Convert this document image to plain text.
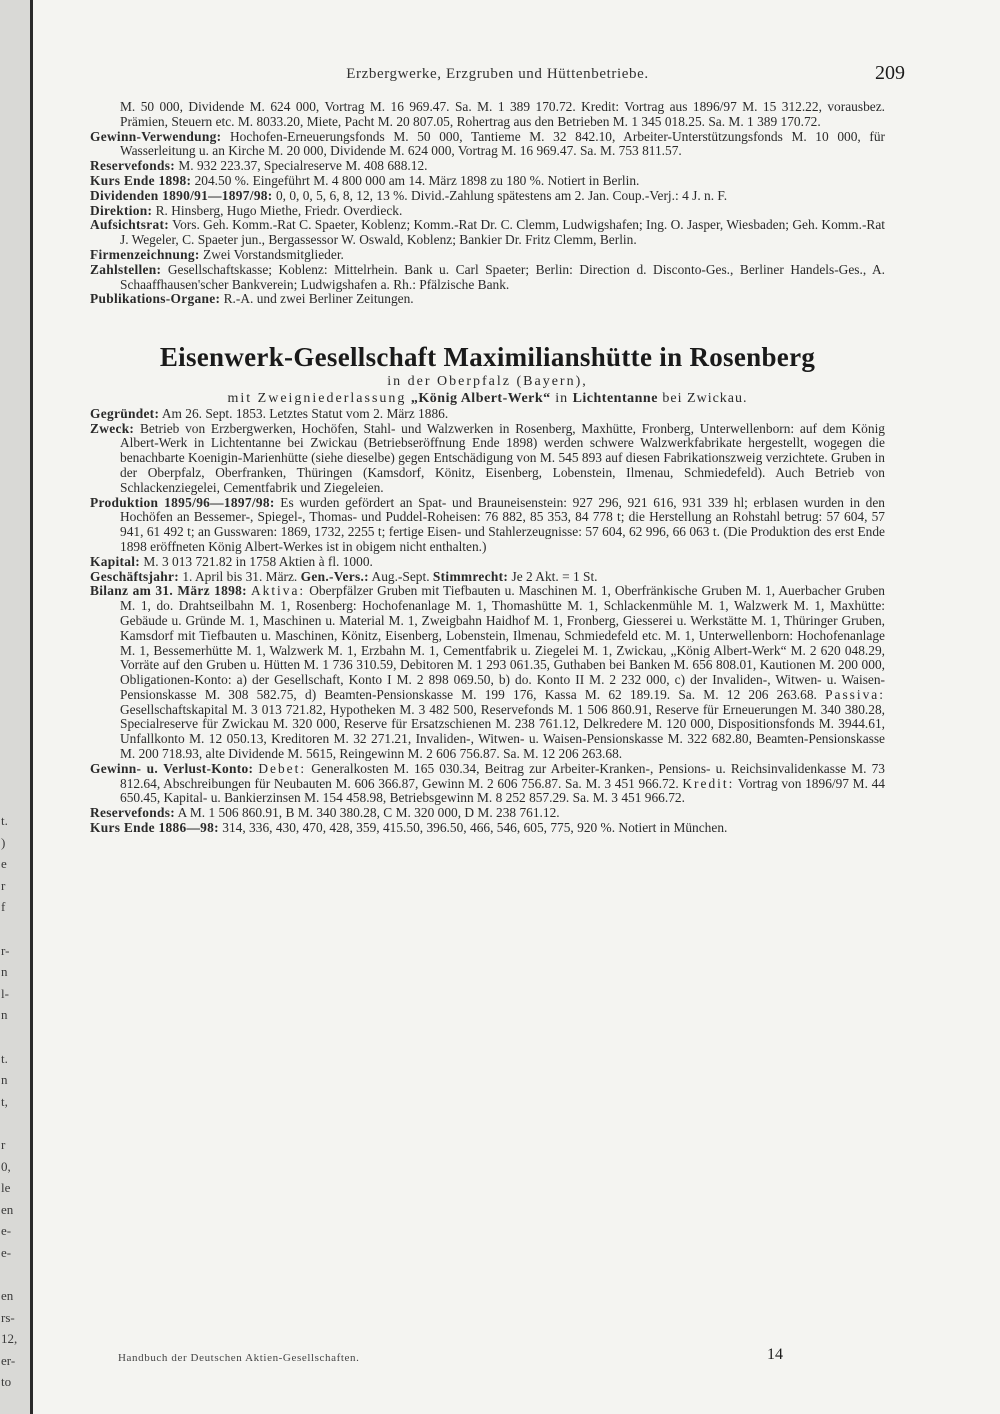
t.
)
e
r
f
r-
n
l-
n
t.
n
t,
r
0,
le
en
e-
e-
en
rs-
12,
er-
to
Erzbergwerke, Erzgruben und Hüttenbetriebe.	209

M. 50 000, Dividende M. 624 000, Vortrag M. 16 969.47. Sa. M. 1 389 170.72. Kredit: Vortrag aus 1896/97 M. 15 312.22, vorausbez. Prämien, Steuern etc. M. 8033.20, Miete, Pacht M. 20 807.05, Rohertrag aus den Betrieben M. 1 345 018.25. Sa. M. 1 389 170.72.

Gewinn-Verwendung: Hochofen-Erneuerungsfonds M. 50 000, Tantieme M. 32 842.10, Arbeiter-Unterstützungsfonds M. 10 000, für Wasserleitung u. an Kirche M. 20 000, Dividende M. 624 000, Vortrag M. 16 969.47. Sa. M. 753 811.57.

Reservefonds: M. 932 223.37, Specialreserve M. 408 688.12.

Kurs Ende 1898: 204.50 %. Eingeführt M. 4 800 000 am 14. März 1898 zu 180 %. Notiert in Berlin.

Dividenden 1890/91—1897/98: 0, 0, 0, 5, 6, 8, 12, 13 %. Divid.-Zahlung spätestens am 2. Jan. Coup.-Verj.: 4 J. n. F.

Direktion: R. Hinsberg, Hugo Miethe, Friedr. Overdieck.

Aufsichtsrat: Vors. Geh. Komm.-Rat C. Spaeter, Koblenz; Komm.-Rat Dr. C. Clemm, Ludwigshafen; Ing. O. Jasper, Wiesbaden; Geh. Komm.-Rat J. Wegeler, C. Spaeter jun., Bergassessor W. Oswald, Koblenz; Bankier Dr. Fritz Clemm, Berlin.

Firmenzeichnung: Zwei Vorstandsmitglieder.

Zahlstellen: Gesellschaftskasse; Koblenz: Mittelrhein. Bank u. Carl Spaeter; Berlin: Direction d. Disconto-Ges., Berliner Handels-Ges., A. Schaaffhausen'scher Bankverein; Ludwigshafen a. Rh.: Pfälzische Bank.

Publikations-Organe: R.-A. und zwei Berliner Zeitungen.

Eisenwerk-Gesellschaft Maximilianshütte in Rosenberg
in der Oberpfalz (Bayern),
mit Zweigniederlassung „König Albert-Werk“ in Lichtentanne bei Zwickau.

Gegründet: Am 26. Sept. 1853. Letztes Statut vom 2. März 1886.

Zweck: Betrieb von Erzbergwerken, Hochöfen, Stahl- und Walzwerken in Rosenberg, Maxhütte, Fronberg, Unterwellenborn: auf dem König Albert-Werk in Lichtentanne bei Zwickau (Betriebseröffnung Ende 1898) werden schwere Walzwerkfabrikate hergestellt, wogegen die benachbarte Koenigin-Marienhütte (siehe dieselbe) gegen Entschädigung von M. 545 893 auf diesen Fabrikationszweig verzichtete. Gruben in der Oberpfalz, Oberfranken, Thüringen (Kamsdorf, Könitz, Eisenberg, Lobenstein, Ilmenau, Schmiedefeld). Auch Betrieb von Schlackenziegelei, Cementfabrik und Ziegeleien.

Produktion 1895/96—1897/98: Es wurden gefördert an Spat- und Brauneisenstein: 927 296, 921 616, 931 339 hl; erblasen wurden in den Hochöfen an Bessemer-, Spiegel-, Thomas- und Puddel-Roheisen: 76 882, 85 353, 84 778 t; die Herstellung an Rohstahl betrug: 57 604, 57 941, 61 492 t; an Gusswaren: 1869, 1732, 2255 t; fertige Eisen- und Stahlerzeugnisse: 57 604, 62 996, 66 063 t. (Die Produktion des erst Ende 1898 eröffneten König Albert-Werkes ist in obigem nicht enthalten.)

Kapital: M. 3 013 721.82 in 1758 Aktien à fl. 1000.

Geschäftsjahr: 1. April bis 31. März. Gen.-Vers.: Aug.-Sept. Stimmrecht: Je 2 Akt. = 1 St.

Bilanz am 31. März 1898: Aktiva: Oberpfälzer Gruben mit Tiefbauten u. Maschinen M. 1, Oberfränkische Gruben M. 1, Auerbacher Gruben M. 1, do. Drahtseilbahn M. 1, Rosenberg: Hochofenanlage M. 1, Thomashütte M. 1, Schlackenmühle M. 1, Walzwerk M. 1, Maxhütte: Gebäude u. Gründe M. 1, Maschinen u. Material M. 1, Zweigbahn Haidhof M. 1, Fronberg, Giesserei u. Werkstätte M. 1, Thüringer Gruben, Kamsdorf mit Tiefbauten u. Maschinen, Könitz, Eisenberg, Lobenstein, Ilmenau, Schmiedefeld etc. M. 1, Unterwellenborn: Hochofenanlage M. 1, Bessemerhütte M. 1, Walzwerk M. 1, Erzbahn M. 1, Cementfabrik u. Ziegelei M. 1, Zwickau, „König Albert-Werk“ M. 2 620 048.29, Vorräte auf den Gruben u. Hütten M. 1 736 310.59, Debitoren M. 1 293 061.35, Guthaben bei Banken M. 656 808.01, Kautionen M. 200 000, Obligationen-Konto: a) der Gesellschaft, Konto I M. 2 898 069.50, b) do. Konto II M. 2 232 000, c) der Invaliden-, Witwen- u. Waisen-Pensionskasse M. 308 582.75, d) Beamten-Pensionskasse M. 199 176, Kassa M. 62 189.19. Sa. M. 12 206 263.68. Passiva: Gesellschaftskapital M. 3 013 721.82, Hypotheken M. 3 482 500, Reservefonds M. 1 506 860.91, Reserve für Erneuerungen M. 340 380.28, Specialreserve für Zwickau M. 320 000, Reserve für Ersatzschienen M. 238 761.12, Delkredere M. 120 000, Dispositionsfonds M. 3944.61, Unfallkonto M. 12 050.13, Kreditoren M. 32 271.21, Invaliden-, Witwen- u. Waisen-Pensionskasse M. 322 682.80, Beamten-Pensionskasse M. 200 718.93, alte Dividende M. 5615, Reingewinn M. 2 606 756.87. Sa. M. 12 206 263.68.

Gewinn- u. Verlust-Konto: Debet: Generalkosten M. 165 030.34, Beitrag zur Arbeiter-Kranken-, Pensions- u. Reichsinvalidenkasse M. 73 812.64, Abschreibungen für Neubauten M. 606 366.87, Gewinn M. 2 606 756.87. Sa. M. 3 451 966.72. Kredit: Vortrag von 1896/97 M. 44 650.45, Kapital- u. Bankierzinsen M. 154 458.98, Betriebsgewinn M. 8 252 857.29. Sa. M. 3 451 966.72.

Reservefonds: A M. 1 506 860.91, B M. 340 380.28, C M. 320 000, D M. 238 761.12.

Kurs Ende 1886—98: 314, 336, 430, 470, 428, 359, 415.50, 396.50, 466, 546, 605, 775, 920 %. Notiert in München.

Handbuch der Deutschen Aktien-Gesellschaften.	14
